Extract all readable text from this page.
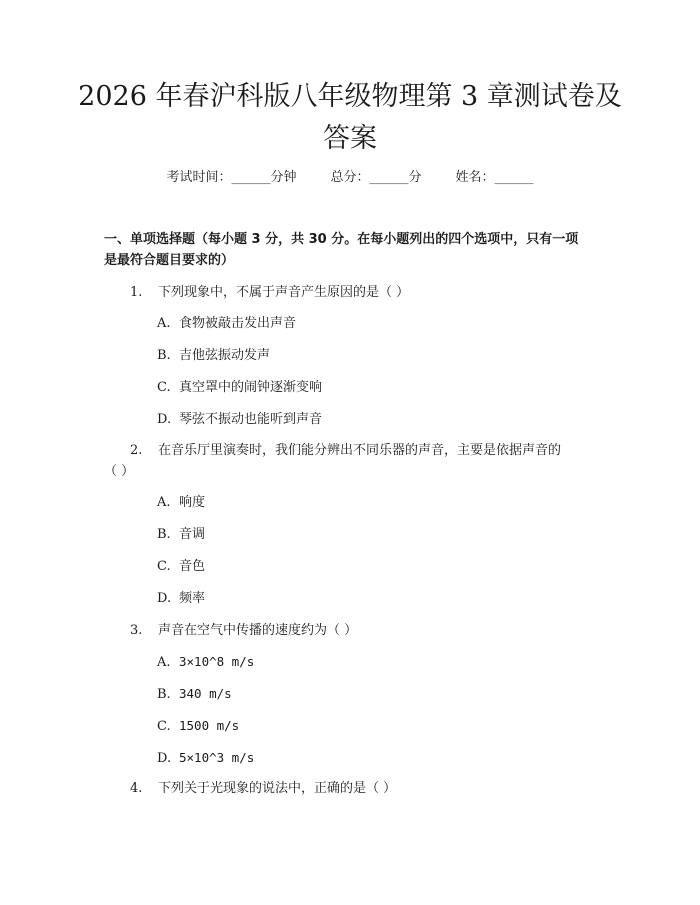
2026 年春沪科版八年级物理第 3 章测试卷及
答案
考试时间：______分钟	总分：______分	姓名：______
一、单项选择题（每小题 3 分，共 30 分。在每小题列出的四个选项中，只有一项
是最符合题目要求的）
1. 下列现象中，不属于声音产生原因的是（ ）
A. 食物被敲击发出声音
B. 吉他弦振动发声
C. 真空罩中的闹钟逐渐变响
D. 琴弦不振动也能听到声音
2. 在音乐厅里演奏时，我们能分辨出不同乐器的声音，主要是依据声音的
（ ）
A. 响度
B. 音调
C. 音色
D. 频率
3. 声音在空气中传播的速度约为（ ）
A. 3×10^8 m/s
B. 340 m/s
C. 1500 m/s
D. 5×10^3 m/s
4. 下列关于光现象的说法中，正确的是（ ）
